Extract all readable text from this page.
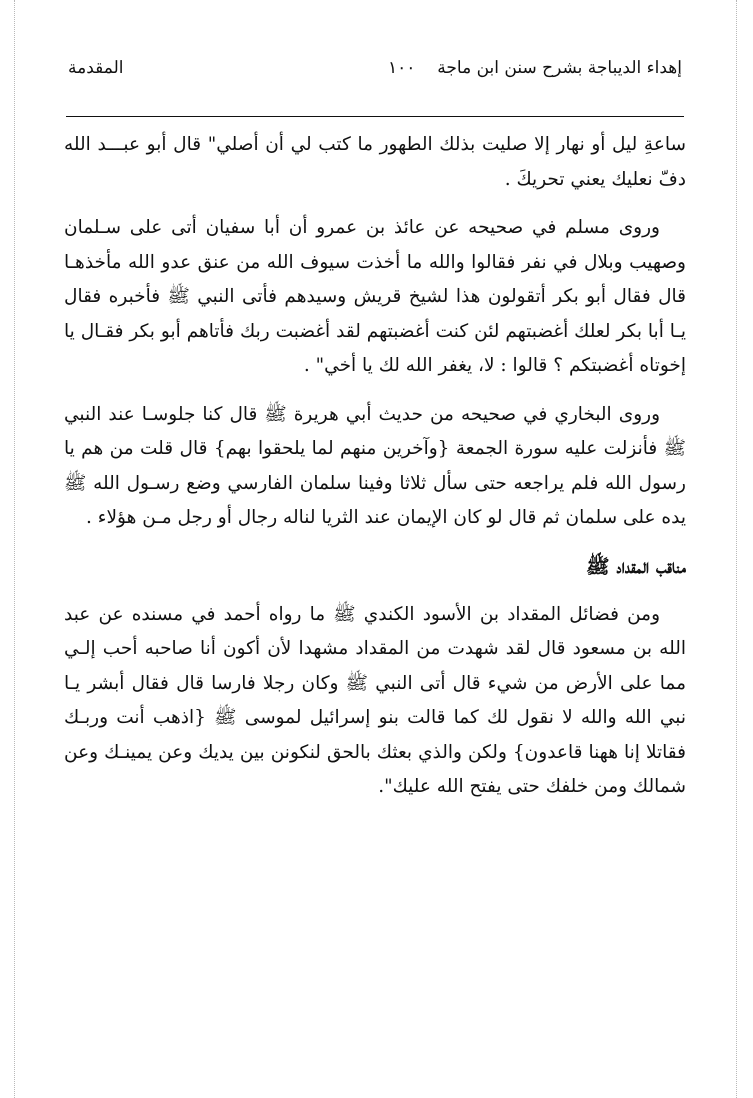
إهداء الديباجة بشرح سنن ابن ماجة
١٠٠
المقدمة

ساعةِ ليل أو نهار إلا صليت بذلك الطهور ما كتب لي أن أصلي" قال أبو عبـــد الله دفّ نعليك يعني تحريكَ .

وروى مسلم في صحيحه عن عائذ بن عمرو أن أبا سفيان أتى على سـلمان وصهيب وبلال في نفر فقالوا والله ما أخذت سيوف الله من عنق عدو الله مأخذهـا قال فقال أبو بكر أتقولون هذا لشيخ قريش وسيدهم فأتى النبي ﷺ فأخبره فقال يـا أبا بكر لعلك أغضبتهم لئن كنت أغضبتهم لقد أغضبت ربك فأتاهم أبو بكر فقـال يا إخوتاه أغضبتكم ؟ قالوا : لا، يغفر الله لك يا أخي" .

وروى البخاري في صحيحه من حديث أبي هريرة ﷺ قال كنا جلوسـا عند النبي ﷺ فأنزلت عليه سورة الجمعة {وآخرين منهم لما يلحقوا بهم} قال قلت من هم يا رسول الله فلم يراجعه حتى سأل ثلاثا وفينا سلمان الفارسي وضع رسـول الله ﷺ يده على سلمان ثم قال لو كان الإيمان عند الثريا لناله رجال أو رجل مـن هؤلاء .

مناقب المقداد ﷺ

ومن فضائل المقداد بن الأسود الكندي ﷺ ما رواه أحمد في مسنده عن عبد الله بن مسعود قال لقد شهدت من المقداد مشهدا لأن أكون أنا صاحبه أحب إلـي مما على الأرض من شيء قال أتى النبي ﷺ وكان رجلا فارسا قال فقال أبشر يـا نبي الله والله لا نقول لك كما قالت بنو إسرائيل لموسى ﷺ {اذهب أنت وربـك فقاتلا إنا ههنا قاعدون} ولكن والذي بعثك بالحق لنكونن بين يديك وعن يمينـك وعن شمالك ومن خلفك حتى يفتح الله عليك".
